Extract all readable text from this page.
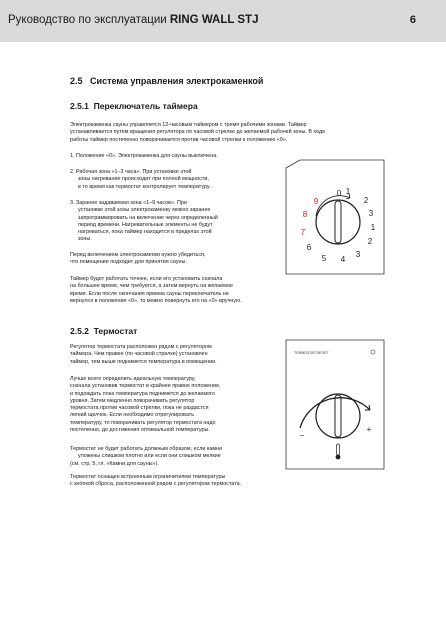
Руководство по эксплуатации RING WALL STJ	6
2.5 Система управления электрокаменкой
2.5.1 Переключатель таймера
Электрокаменка сауны управляется 12-часовым таймером с тремя рабочими зонами. Таймер
устанавливается путем вращения регулятора по часовой стрелке до желаемой рабочей зоны. В ходе
работы таймер постепенно поворачивается против часовой стрелки к положению «0».
1. Положение «0». Электрокаменка для сауны выключена.
2. Рабочая зона «1–3 часа». При установке этой
зоны нагревание происходит при полной мощности,
в то время как термостат контролирует температуру.
3. Заранее задаваемая зона «1–9 часов». При
установке этой зоны электрокаменку можно заранее
запрограммировать на включение через определенный
период времени. Нагревательные элементы не будут
нагреваться, пока таймер находится в пределах этой
зоны.
Перед включением электрокаменки нужно убедиться,
что помещение подходит для принятия сауны.
Таймер будет работать точнее, если его установить сначала
на большее время, чем требуется, а затем вернуть на желаемое
время. Если после окончания приема сауны переключатель не
вернулся в положение «0», то можно повернуть его на «0» вручную.
0 1
2
3
1
2
3
4
5
6
9
8
7
2.5.2 Термостат
Регулятор термостата расположен рядом с регулятором
таймера. Чем правее (по часовой стрелке) установлен
таймер, тем выше поднимется температура в помещении.
Лучше всего определить идеальную температуру,
сначала установив термостат в крайнее правое положение,
и подождать пока температура поднимется до желаемого
уровня. Затем медленно поворачивать регулятор
термостата против часовой стрелки, пока не раздастся
легкий щелчок. Если необходимо отрегулировать
температуру, то поворачивать регулятор термостата надо
постепенно, до достижения оптимальной температуры.
Термостат не будет работать должным образом, если камни
уложены слишком плотно или если они слишком мелкие
(см. стр. 5, гл. «Камни для сауны»).
Термостат оснащен встроенным ограничителем температуры
с кнопкой сброса, расположенной рядом с регулятором термостата.
TERMOSTAT RESET
−
+
